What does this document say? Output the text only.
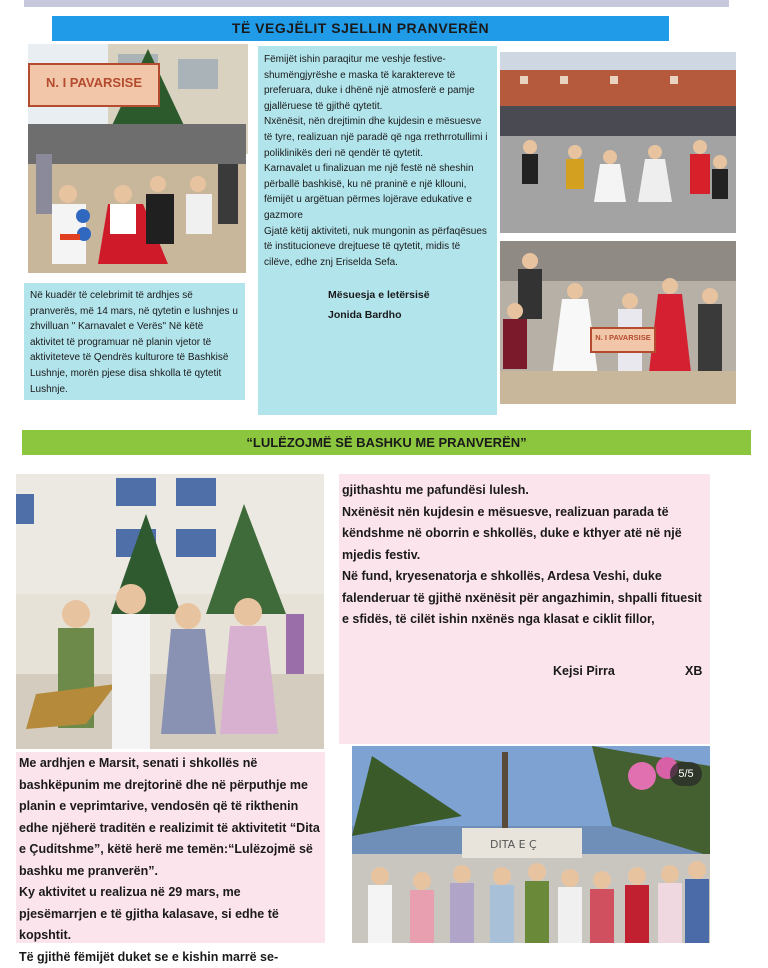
TË VEGJËLIT SJELLIN PRANVERËN
N. I PAVARSISE

Në kuadër të celebrimit të ardhjes së pranverës, më 14 mars, në qytetin e lushnjes u zhvilluan " Karnavalet e Verës" Në këtë aktivitet të programuar në planin vjetor të aktiviteteve të Qendrës kulturore të Bashkisë Lushnje, morën pjese disa shkolla të qytetit Lushnje.

Fëmijët ishin paraqitur me veshje festive-shumëngjyrëshe e maska të karaktereve të preferuara, duke i dhënë një atmosferë e pamje gjallëruese të gjithë qytetit.

Nxënësit, nën drejtimin dhe kujdesin e mësuesve të tyre, realizuan një paradë që nga rrethrrotullimi i poliklinikës deri në qendër të qytetit.

Karnavalet u finalizuan me një festë në sheshin përballë bashkisë, ku në praninë e një kllouni, fëmijët u argëtuan përmes lojërave edukative e gazmore

Gjatë këtij aktiviteti, nuk mungonin as përfaqësues të institucioneve drejtuese të qytetit, midis të cilëve, edhe znj Eriselda Sefa.

Mësuesja e letërsisë

Jonida Bardho

N. I PAVARSISE
“LULËZOJMË SË BASHKU ME PRANVERËN”

gjithashtu me pafundësi lulesh.

Nxënësit nën kujdesin e mësuesve, realizuan parada të këndshme në oborrin e shkollës, duke e kthyer atë në një mjedis festiv.

Në fund, kryesenatorja e shkollës, Ardesa Veshi, duke falenderuar të gjithë nxënësit për angazhimin, shpalli fituesit e sfidës, të cilët ishin nxënës nga klasat e ciklit fillor,

Kejsi Pirra	XB

Me ardhjen e Marsit, senati i shkollës në bashkëpunim me drejtorinë dhe në përputhje me planin e veprimtarive, vendosën që të rikthenin edhe njëherë traditën e realizimit të aktivitetit “Dita e Çuditshme”, këtë herë me temën:“Lulëzojmë së bashku me pranverën”.

Ky aktivitet u realizua në 29 mars, me pjesëmarrjen e të gjitha kalasave, si edhe të kopshtit.

Të gjithë fëmijët duket se e kishin marrë se-

DITA E Ç
5/5
